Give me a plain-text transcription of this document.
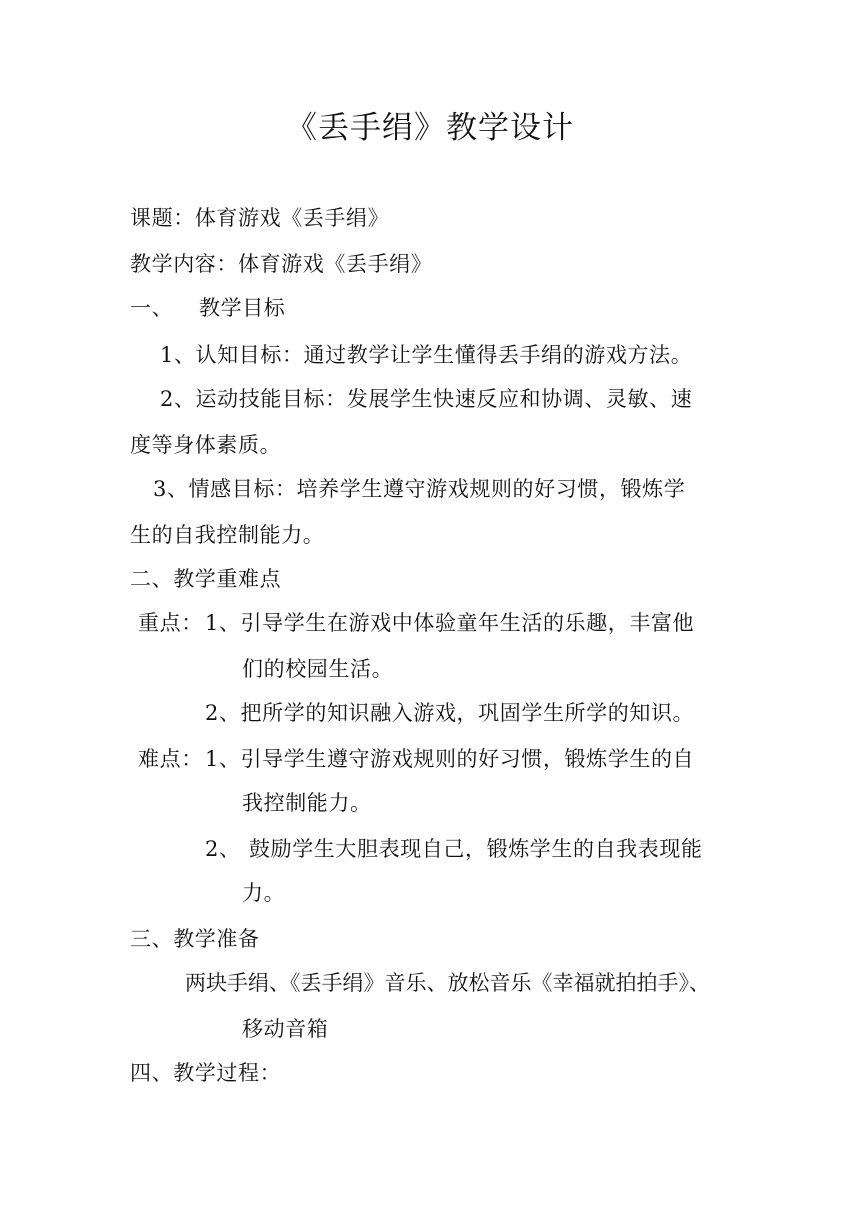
《丢手绢》教学设计
课题：体育游戏《丢手绢》
教学内容：体育游戏《丢手绢》
一、 教学目标
1、认知目标：通过教学让学生懂得丢手绢的游戏方法。
2、运动技能目标：发展学生快速反应和协调、灵敏、速
度等身体素质。
3、情感目标：培养学生遵守游戏规则的好习惯，锻炼学
生的自我控制能力。
二、教学重难点
重点： 1、引导学生在游戏中体验童年生活的乐趣，丰富他
们的校园生活。
2、把所学的知识融入游戏，巩固学生所学的知识。
难点： 1、引导学生遵守游戏规则的好习惯，锻炼学生的自
我控制能力。
2、 鼓励学生大胆表现自己，锻炼学生的自我表现能
力。
三、教学准备
两块手绢、《丢手绢》音乐、放松音乐《幸福就拍拍手》、
移动音箱
四、教学过程：
